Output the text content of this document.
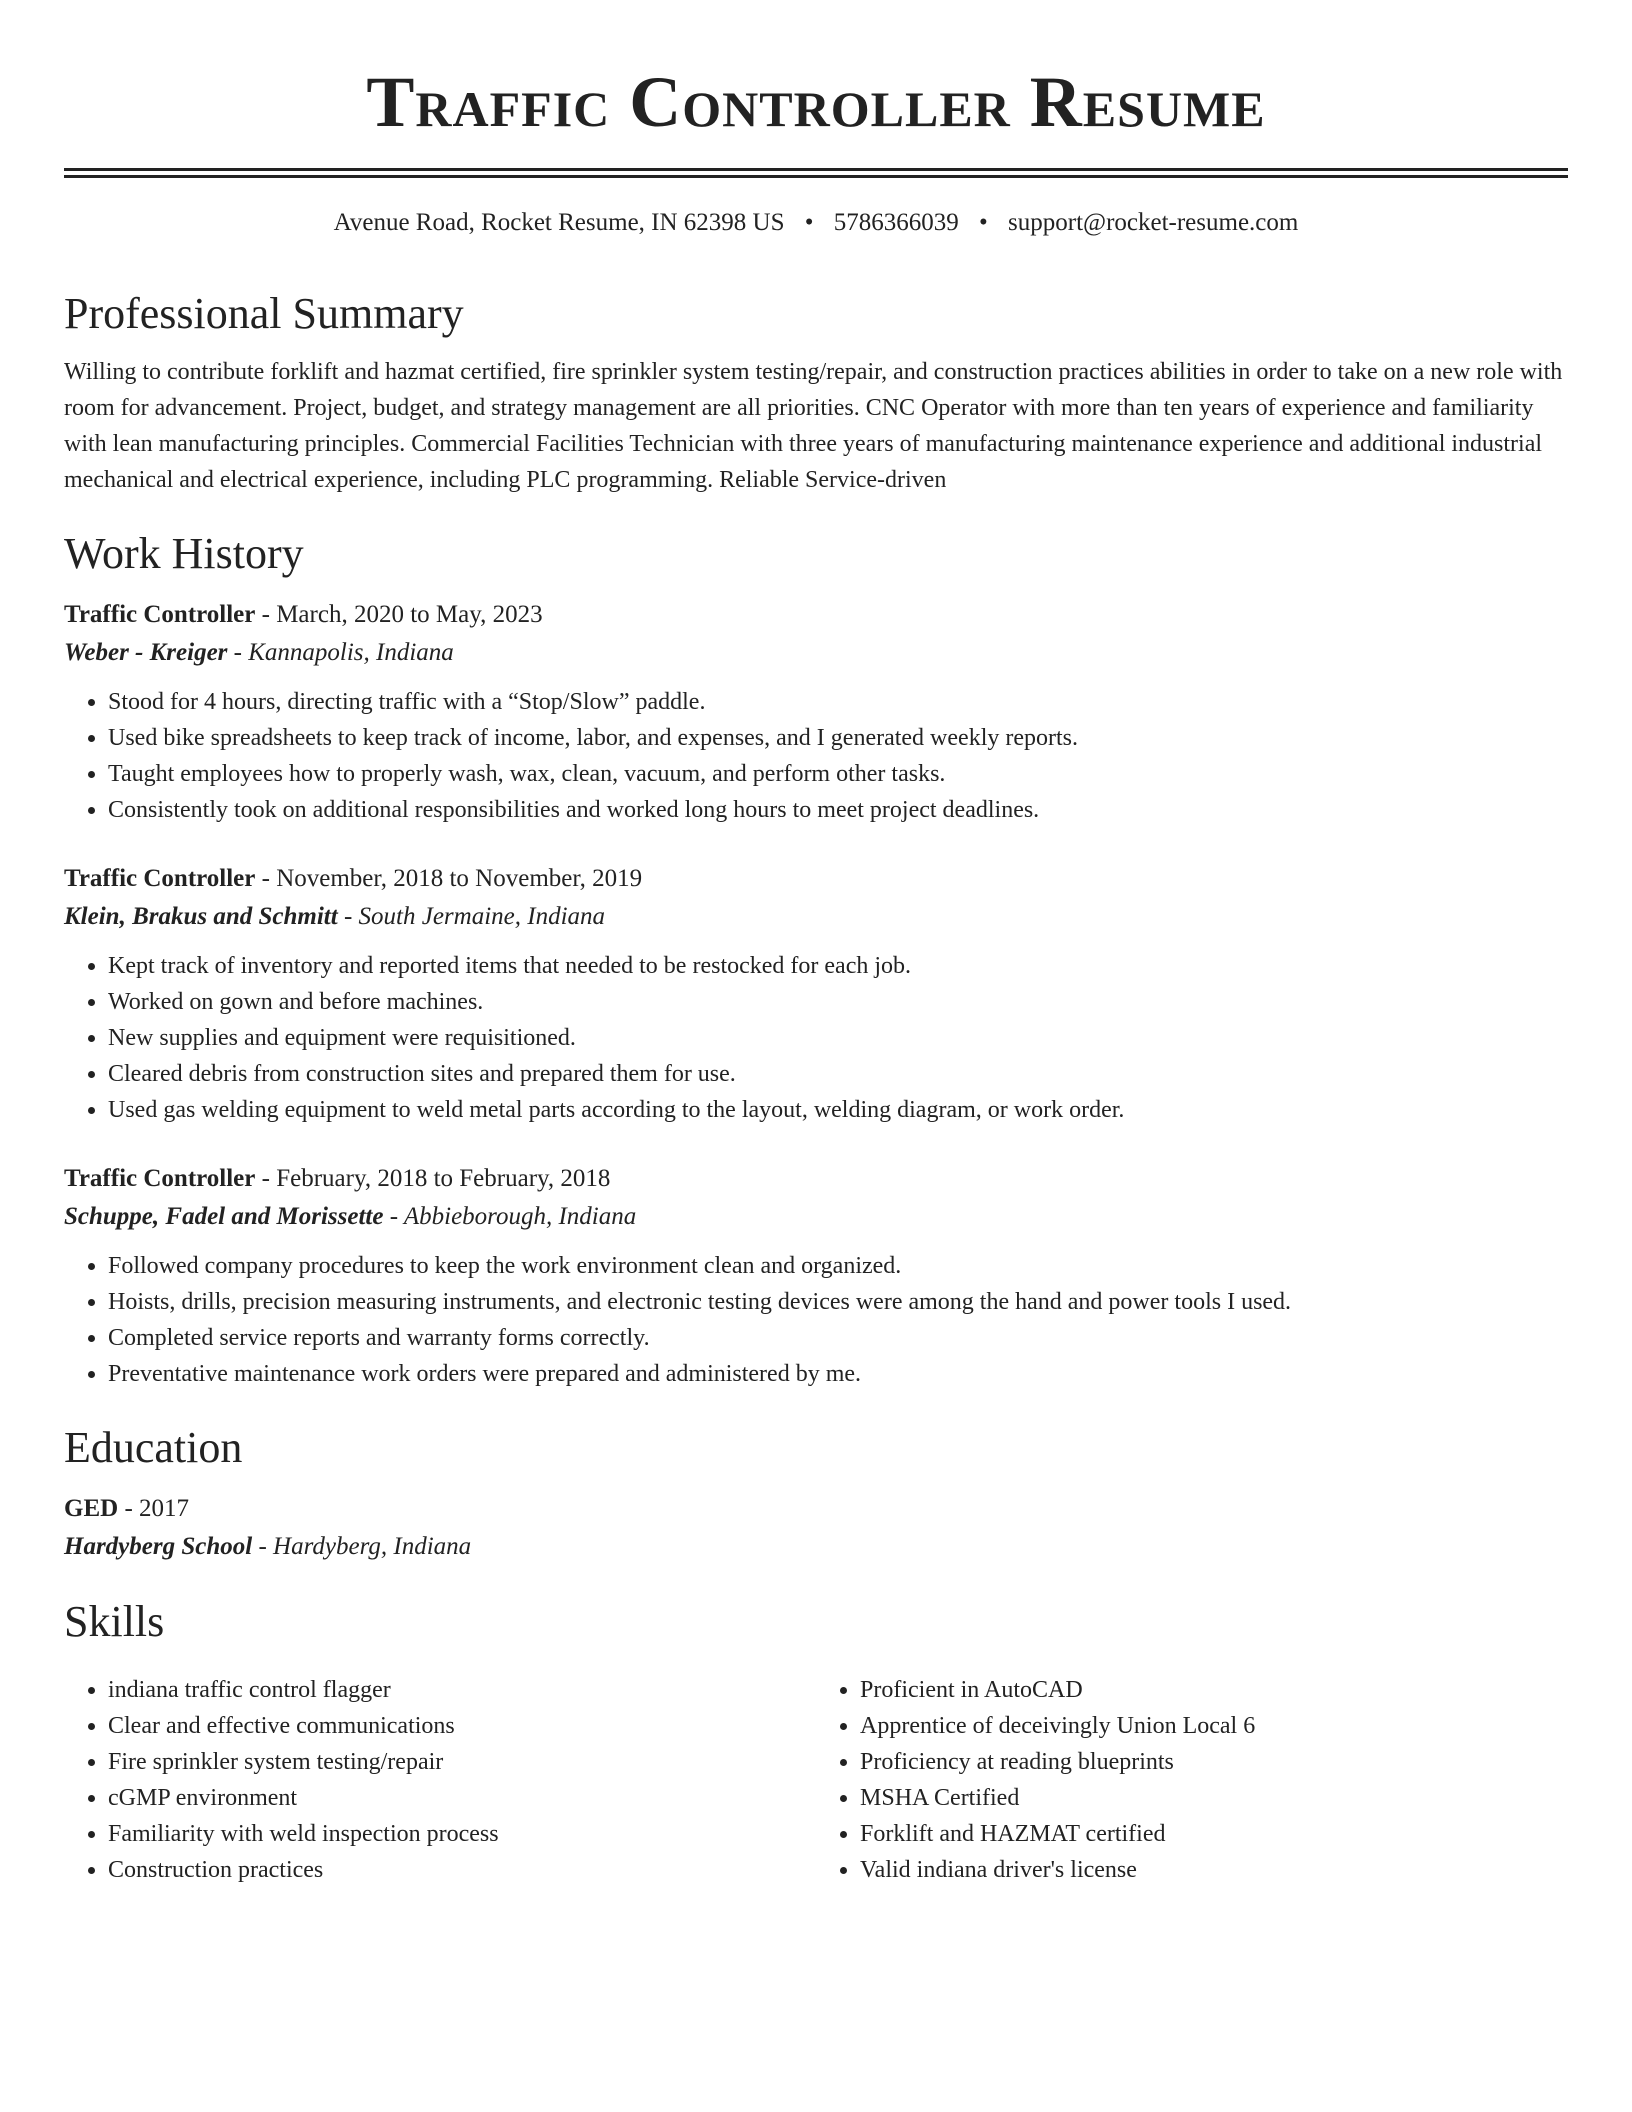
Traffic Controller Resume
Avenue Road, Rocket Resume, IN 62398 US • 5786366039 • support@rocket-resume.com
Professional Summary

Willing to contribute forklift and hazmat certified, fire sprinkler system testing/repair, and construction practices abilities in order to take on a new role with room for advancement. Project, budget, and strategy management are all priorities. CNC Operator with more than ten years of experience and familiarity with lean manufacturing principles. Commercial Facilities Technician with three years of manufacturing maintenance experience and additional industrial mechanical and electrical experience, including PLC programming. Reliable Service-driven

Work History
Traffic Controller - March, 2020 to May, 2023
Weber - Kreiger - Kannapolis, Indiana
• Stood for 4 hours, directing traffic with a “Stop/Slow” paddle.
• Used bike spreadsheets to keep track of income, labor, and expenses, and I generated weekly reports.
• Taught employees how to properly wash, wax, clean, vacuum, and perform other tasks.
• Consistently took on additional responsibilities and worked long hours to meet project deadlines.
Traffic Controller - November, 2018 to November, 2019
Klein, Brakus and Schmitt - South Jermaine, Indiana
• Kept track of inventory and reported items that needed to be restocked for each job.
• Worked on gown and before machines.
• New supplies and equipment were requisitioned.
• Cleared debris from construction sites and prepared them for use.
• Used gas welding equipment to weld metal parts according to the layout, welding diagram, or work order.
Traffic Controller - February, 2018 to February, 2018
Schuppe, Fadel and Morissette - Abbieborough, Indiana
• Followed company procedures to keep the work environment clean and organized.
• Hoists, drills, precision measuring instruments, and electronic testing devices were among the hand and power tools I used.
• Completed service reports and warranty forms correctly.
• Preventative maintenance work orders were prepared and administered by me.
Education
GED - 2017
Hardyberg School - Hardyberg, Indiana
Skills
• indiana traffic control flagger
• Clear and effective communications
• Fire sprinkler system testing/repair
• cGMP environment
• Familiarity with weld inspection process
• Construction practices
• Proficient in AutoCAD
• Apprentice of deceivingly Union Local 6
• Proficiency at reading blueprints
• MSHA Certified
• Forklift and HAZMAT certified
• Valid indiana driver's license
